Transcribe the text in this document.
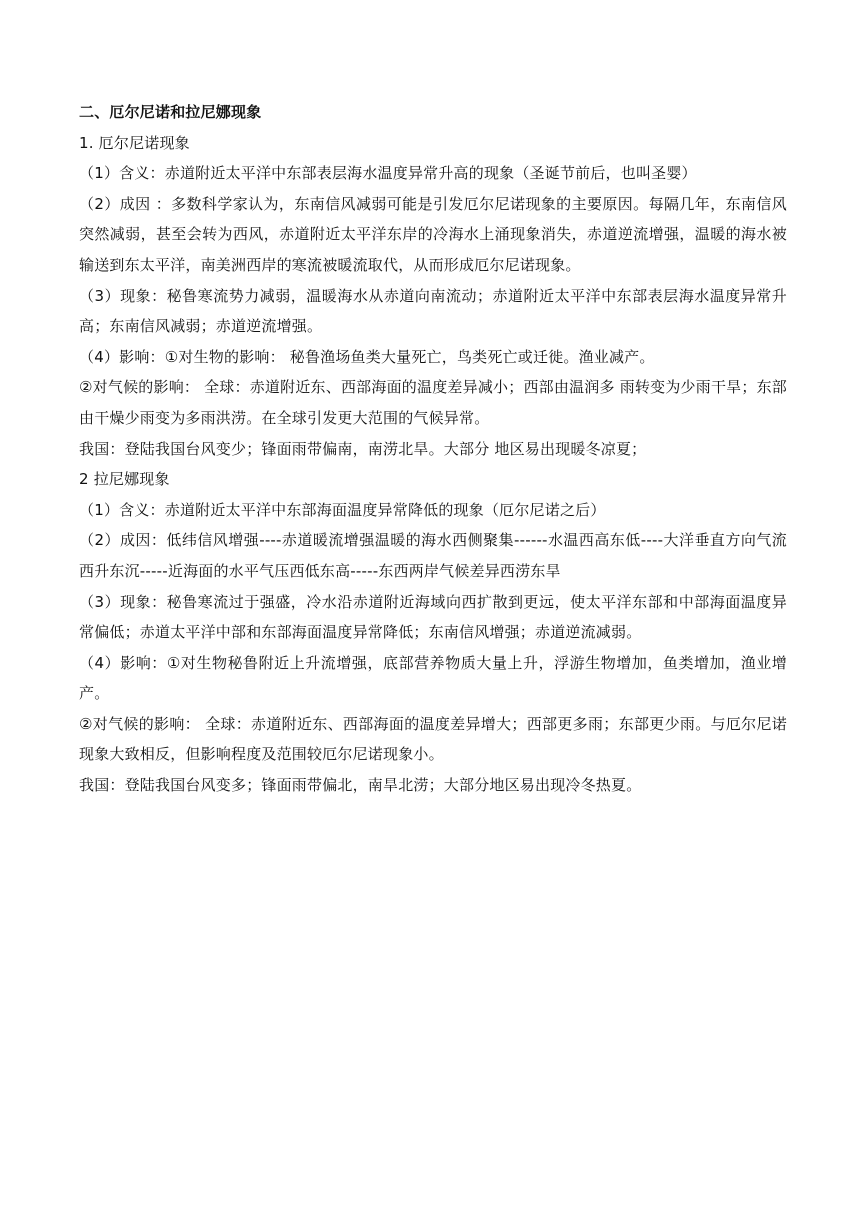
二、厄尔尼诺和拉尼娜现象

1. 厄尔尼诺现象

（1）含义：赤道附近太平洋中东部表层海水温度异常升高的现象（圣诞节前后，也叫圣婴）

（2）成因 ：多数科学家认为，东南信风减弱可能是引发厄尔尼诺现象的主要原因。每隔几年，东南信风突然减弱，甚至会转为西风，赤道附近太平洋东岸的冷海水上涌现象消失，赤道逆流增强，温暖的海水被输送到东太平洋，南美洲西岸的寒流被暖流取代，从而形成厄尔尼诺现象。

（3）现象：秘鲁寒流势力减弱，温暖海水从赤道向南流动；赤道附近太平洋中东部表层海水温度异常升高；东南信风减弱；赤道逆流增强。

（4）影响：①对生物的影响： 秘鲁渔场鱼类大量死亡，鸟类死亡或迁徙。渔业减产。

②对气候的影响： 全球：赤道附近东、西部海面的温度差异减小；西部由温润多 雨转变为少雨干旱；东部由干燥少雨变为多雨洪涝。在全球引发更大范围的气候异常。

我国：登陆我国台风变少；锋面雨带偏南，南涝北旱。大部分 地区易出现暖冬凉夏；

2 拉尼娜现象

（1）含义：赤道附近太平洋中东部海面温度异常降低的现象（厄尔尼诺之后）

（2）成因：低纬信风增强----赤道暖流增强温暖的海水西侧聚集------水温西高东低----大洋垂直方向气流西升东沉-----近海面的水平气压西低东高-----东西两岸气候差异西涝东旱

（3）现象：秘鲁寒流过于强盛，冷水沿赤道附近海域向西扩散到更远，使太平洋东部和中部海面温度异常偏低；赤道太平洋中部和东部海面温度异常降低；东南信风增强；赤道逆流减弱。

（4）影响：①对生物秘鲁附近上升流增强，底部营养物质大量上升，浮游生物增加，鱼类增加，渔业增产。

②对气候的影响： 全球：赤道附近东、西部海面的温度差异增大；西部更多雨；东部更少雨。与厄尔尼诺现象大致相反，但影响程度及范围较厄尔尼诺现象小。

我国：登陆我国台风变多；锋面雨带偏北，南旱北涝；大部分地区易出现冷冬热夏。
